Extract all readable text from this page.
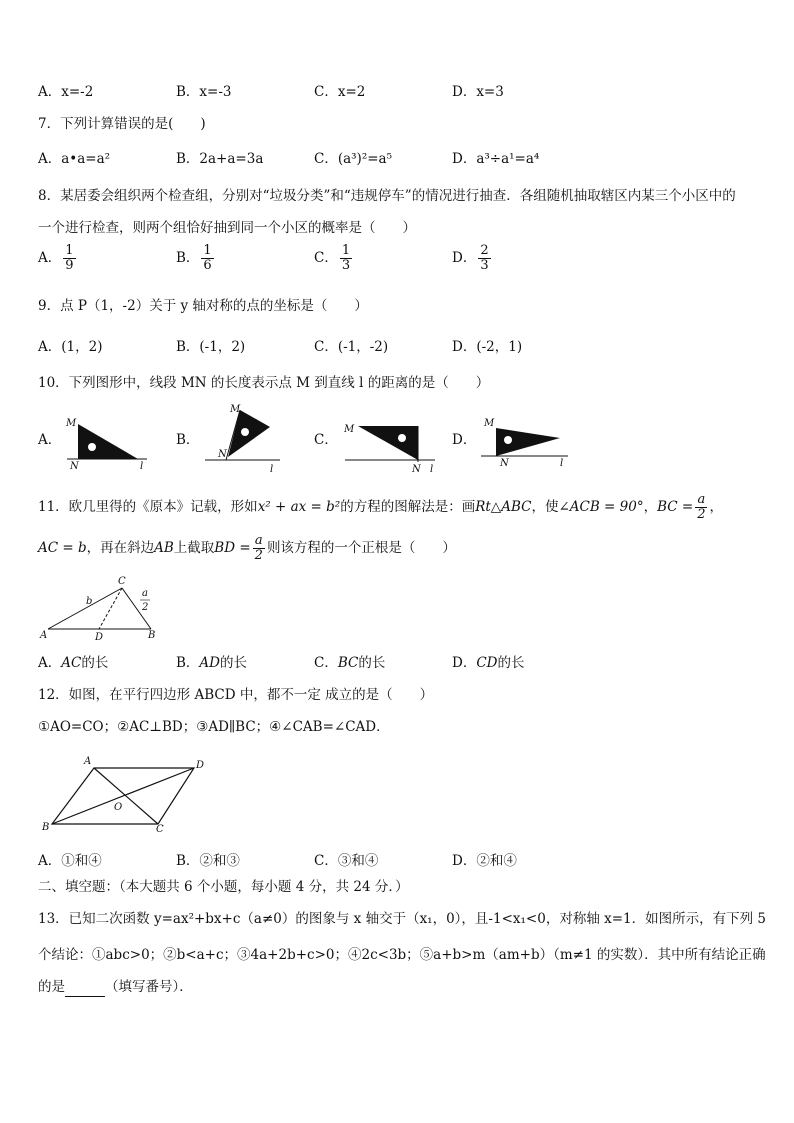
A．x=-2	B．x=-3	C．x=2	D．x=3
7．下列计算错误的是(　　)
A．a•a=a²	B．2a+a=3a	C．(a³)²=a⁵	D．a³÷a¹=a⁴
8．某居委会组织两个检查组，分别对“垃圾分类”和“违规停车”的情况进行抽查．各组随机抽取辖区内某三个小区中的
一个进行检查，则两个组恰好抽到同一个小区的概率是（　　）
A． $\frac{1}{9}$	B． $\frac{1}{6}$	C． $\frac{1}{3}$	D． $\frac{2}{3}$
9．点 P（1，-2）关于 y 轴对称的点的坐标是（　　）
A．(1，2)	B．(-1，2)	C．(-1，-2)	D．(-2，1)
10．下列图形中，线段 MN 的长度表示点 M 到直线 l 的距离的是（　　）
A．	B．	C．	D．
M
N	l
M
N
l
M
N l
M
N	l
11．欧几里得的《原本》记载，形如x² + ax = b²的方程的图解法是：画Rt△ABC，使∠ACB = 90°，BC = $\frac{a}{2}$ ，
AC = b，再在斜边AB上截取BD = $\frac{a}{2}$ 则该方程的一个正根是（　　）
C
A	D	B
b
a
2
A．AC的长	B．AD的长	C．BC的长	D．CD的长
12．如图，在平行四边形 ABCD 中，都不一定 成立的是（　　）
①AO=CO；②AC⊥BD；③AD∥BC；④∠CAB=∠CAD．
A	D
B	C
O
A．①和④	B．②和③	C．③和④	D．②和④
二、填空题：（本大题共 6 个小题，每小题 4 分，共 24 分．）
13．已知二次函数 y=ax²+bx+c（a≠0）的图象与 x 轴交于（x₁，0），且-1<x₁<0，对称轴 x=1．如图所示，有下列 5
个结论：①abc>0；②b<a+c；③4a+2b+c>0；④2c<3b；⑤a+b>m（am+b）（m≠1 的实数）．其中所有结论正确
的是	（填写番号）．
